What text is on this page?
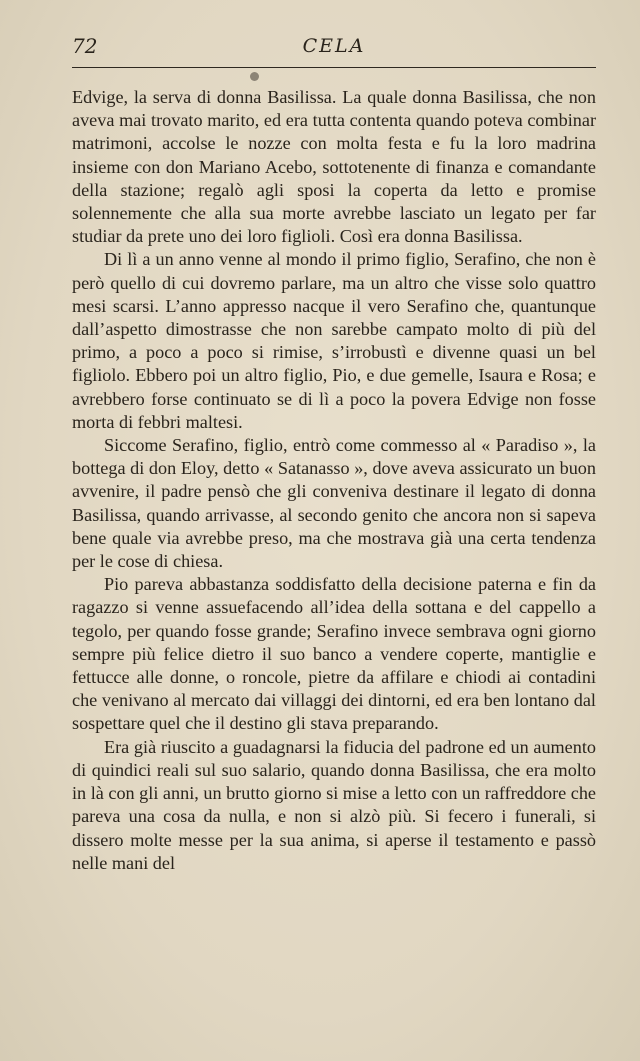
72	CELA

Edvige, la serva di donna Basilissa. La quale donna Basilissa, che non aveva mai trovato marito, ed era tutta contenta quando poteva combinar matrimoni, accolse le nozze con molta festa e fu la loro madrina insieme con don Mariano Acebo, sottotenente di finanza e comandante della stazione; regalò agli sposi la coperta da letto e promise solennemente che alla sua morte avrebbe lasciato un legato per far studiar da prete uno dei loro figlioli. Così era donna Basilissa.

Di lì a un anno venne al mondo il primo figlio, Serafino, che non è però quello di cui dovremo parlare, ma un altro che visse solo quattro mesi scarsi. L’anno appresso nacque il vero Serafino che, quantunque dall’aspetto dimostrasse che non sarebbe campato molto di più del primo, a poco a poco si rimise, s’irrobustì e divenne quasi un bel figliolo. Ebbero poi un altro figlio, Pio, e due gemelle, Isaura e Rosa; e avrebbero forse continuato se di lì a poco la povera Edvige non fosse morta di febbri maltesi.

Siccome Serafino, figlio, entrò come commesso al « Paradiso », la bottega di don Eloy, detto « Satanasso », dove aveva assicurato un buon avvenire, il padre pensò che gli conveniva destinare il legato di donna Basilissa, quando arrivasse, al secondo genito che ancora non si sapeva bene quale via avrebbe preso, ma che mostrava già una certa tendenza per le cose di chiesa.

Pio pareva abbastanza soddisfatto della decisione paterna e fin da ragazzo si venne assuefacendo all’idea della sottana e del cappello a tegolo, per quando fosse grande; Serafino invece sembrava ogni giorno sempre più felice dietro il suo banco a vendere coperte, mantiglie e fettucce alle donne, o roncole, pietre da affilare e chiodi ai contadini che venivano al mercato dai villaggi dei dintorni, ed era ben lontano dal sospettare quel che il destino gli stava preparando.

Era già riuscito a guadagnarsi la fiducia del padrone ed un aumento di quindici reali sul suo salario, quando donna Basilissa, che era molto in là con gli anni, un brutto giorno si mise a letto con un raffreddore che pareva una cosa da nulla, e non si alzò più. Si fecero i funerali, si dissero molte messe per la sua anima, si aperse il testamento e passò nelle mani del
